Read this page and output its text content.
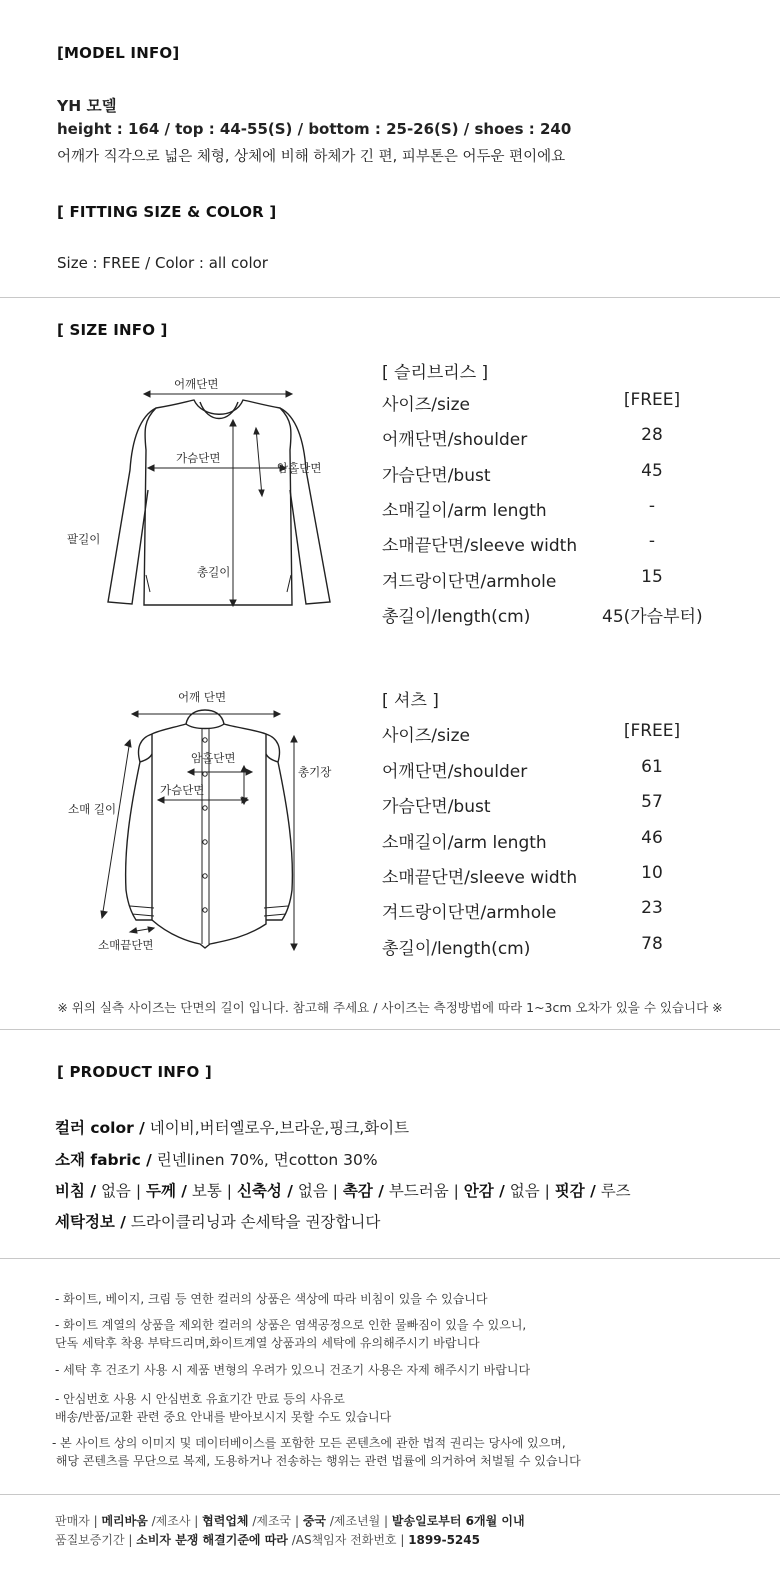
[MODEL INFO]
YH 모델
height : 164 / top : 44-55(S) / bottom : 25-26(S) / shoes : 240
어깨가 직각으로 넓은 체형, 상체에 비해 하체가 긴 편, 피부톤은 어두운 편이에요
[ FITTING SIZE & COLOR ]
Size : FREE / Color : all color
[ SIZE INFO ]
어깨단면
가슴단면
암홀단면
팔길이
총길이
[ 슬리브리스 ]
사이즈/size	[FREE]
어깨단면/shoulder	28
가슴단면/bust	45
소매길이/arm length	-
소매끝단면/sleeve width	-
겨드랑이단면/armhole	15
총길이/length(cm)	45(가슴부터)
어깨 단면
암홀단면
가슴단면
소매 길이
총기장
소매끝단면
[ 셔츠 ]
사이즈/size	[FREE]
어깨단면/shoulder	61
가슴단면/bust	57
소매길이/arm length	46
소매끝단면/sleeve width	10
겨드랑이단면/armhole	23
총길이/length(cm)	78
※ 위의 실측 사이즈는 단면의 길이 입니다. 참고해 주세요 / 사이즈는 측정방법에 따라 1~3cm 오차가 있을 수 있습니다 ※
[ PRODUCT INFO ]
컬러 color / 네이비,버터옐로우,브라운,핑크,화이트
소재 fabric / 린넨linen 70%, 면cotton 30%
비침 / 없음 | 두께 / 보통 | 신축성 / 없음 | 촉감 / 부드러움 | 안감 / 없음 | 핏감 / 루즈
세탁정보 / 드라이클리닝과 손세탁을 권장합니다
- 화이트, 베이지, 크림 등 연한 컬러의 상품은 색상에 따라 비침이 있을 수 있습니다
- 화이트 계열의 상품을 제외한 컬러의 상품은 염색공정으로 인한 물빠짐이 있을 수 있으니,
단독 세탁후 착용 부탁드리며,화이트계열 상품과의 세탁에 유의해주시기 바랍니다
- 세탁 후 건조기 사용 시 제품 변형의 우려가 있으니 건조기 사용은 자제 해주시기 바랍니다
- 안심번호 사용 시 안심번호 유효기간 만료 등의 사유로
배송/반품/교환 관련 중요 안내를 받아보시지 못할 수도 있습니다
- 본 사이트 상의 이미지 및 데이터베이스를 포함한 모든 콘텐츠에 관한 법적 권리는 당사에 있으며,
해당 콘텐츠를 무단으로 복제, 도용하거나 전송하는 행위는 관련 법률에 의거하여 처벌될 수 있습니다
판매자 | 메리바움 /제조사 | 협력업체 /제조국 | 중국 /제조년월 | 발송일로부터 6개월 이내
품질보증기간 | 소비자 분쟁 해결기준에 따라 /AS책임자 전화번호 | 1899-5245
